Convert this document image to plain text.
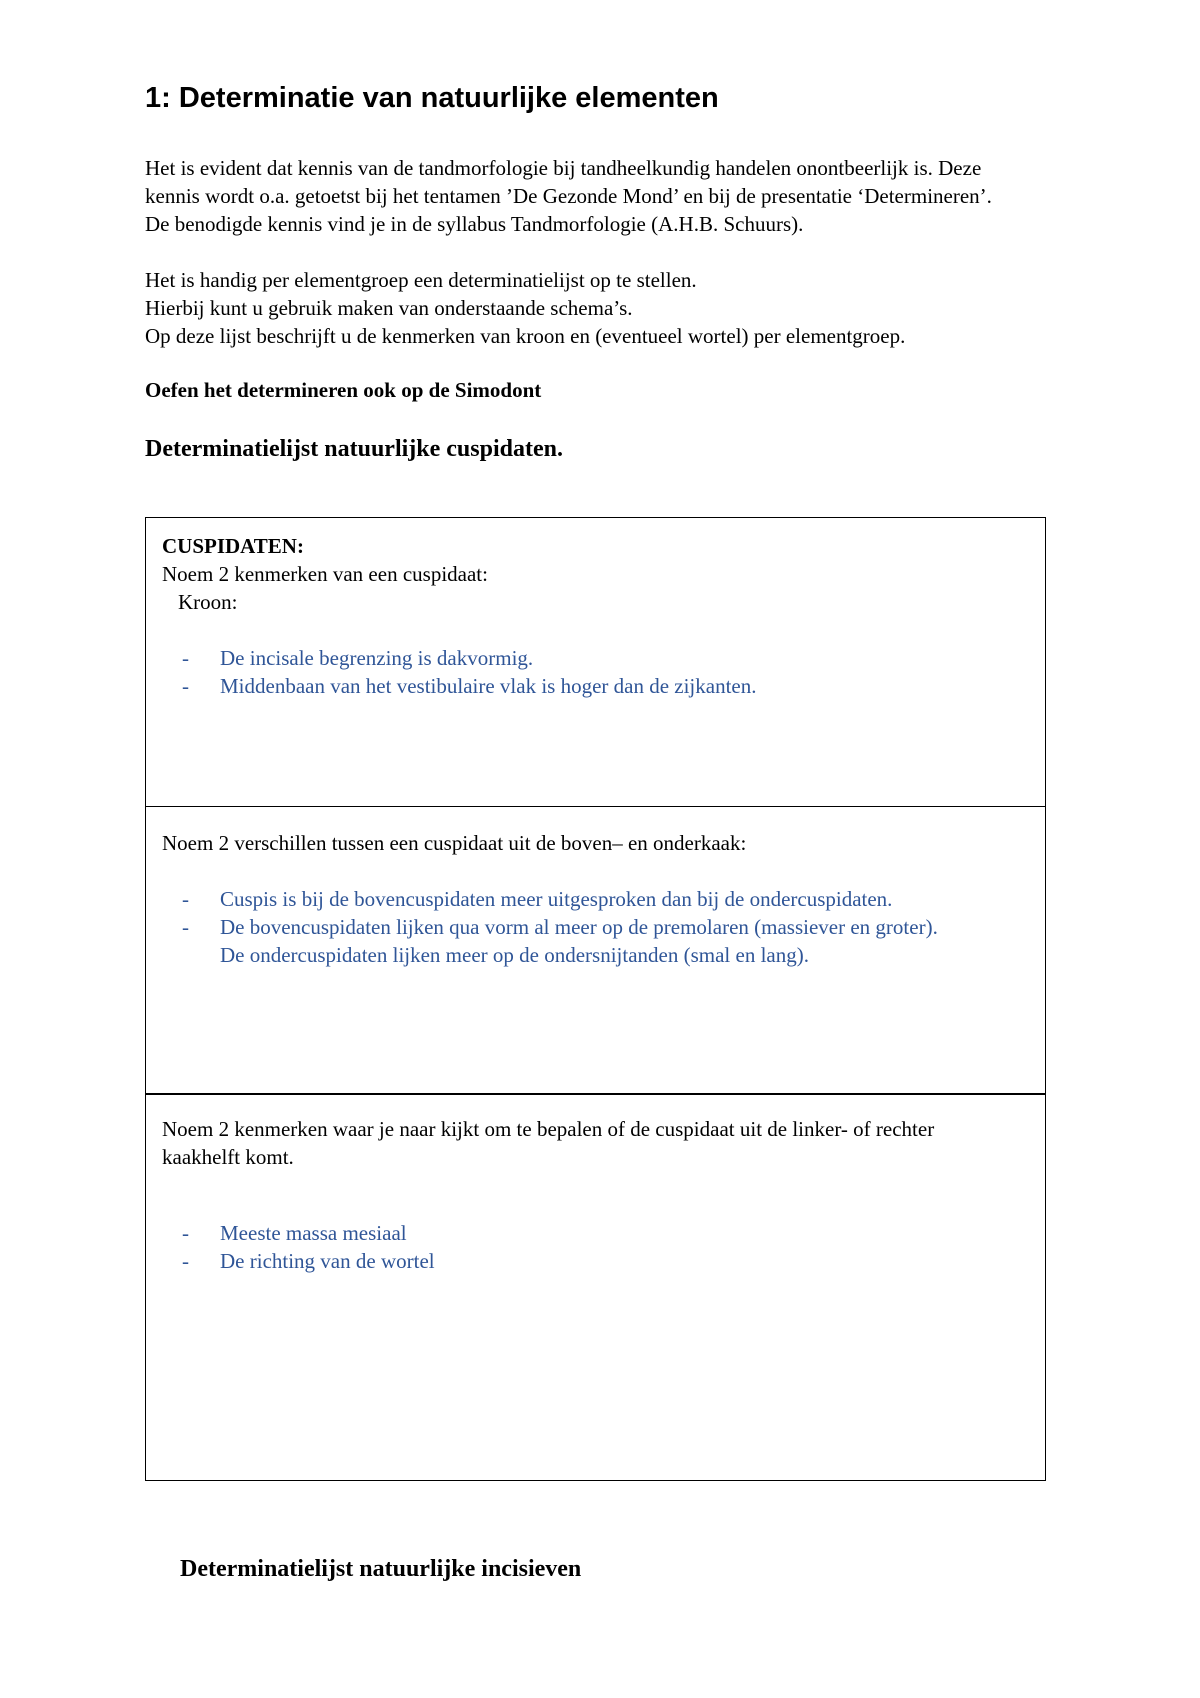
1: Determinatie van natuurlijke elementen
Het is evident dat kennis van de tandmorfologie bij tandheelkundig handelen onontbeerlijk is. Deze
kennis wordt o.a. getoetst bij het tentamen ’De Gezonde Mond’ en bij de presentatie ‘Determineren’.
De benodigde kennis vind je in de syllabus Tandmorfologie (A.H.B. Schuurs).
Het is handig per elementgroep een determinatielijst op te stellen.
Hierbij kunt u gebruik maken van onderstaande schema’s.
Op deze lijst beschrijft u de kenmerken van kroon en (eventueel wortel) per elementgroep.

Oefen het determineren ook op de Simodont

Determinatielijst natuurlijke cuspidaten.
CUSPIDATEN:
Noem 2 kenmerken van een cuspidaat:
Kroon:
- De incisale begrenzing is dakvormig.
- Middenbaan van het vestibulaire vlak is hoger dan de zijkanten.
Noem 2 verschillen tussen een cuspidaat uit de boven– en onderkaak:
- Cuspis is bij de bovencuspidaten meer uitgesproken dan bij de ondercuspidaten.
- De bovencuspidaten lijken qua vorm al meer op de premolaren (massiever en groter).
De ondercuspidaten lijken meer op de ondersnijtanden (smal en lang).
Noem 2 kenmerken waar je naar kijkt om te bepalen of de cuspidaat uit de linker- of rechter
kaakhelft komt.
- Meeste massa mesiaal
- De richting van de wortel
Determinatielijst natuurlijke incisieven
